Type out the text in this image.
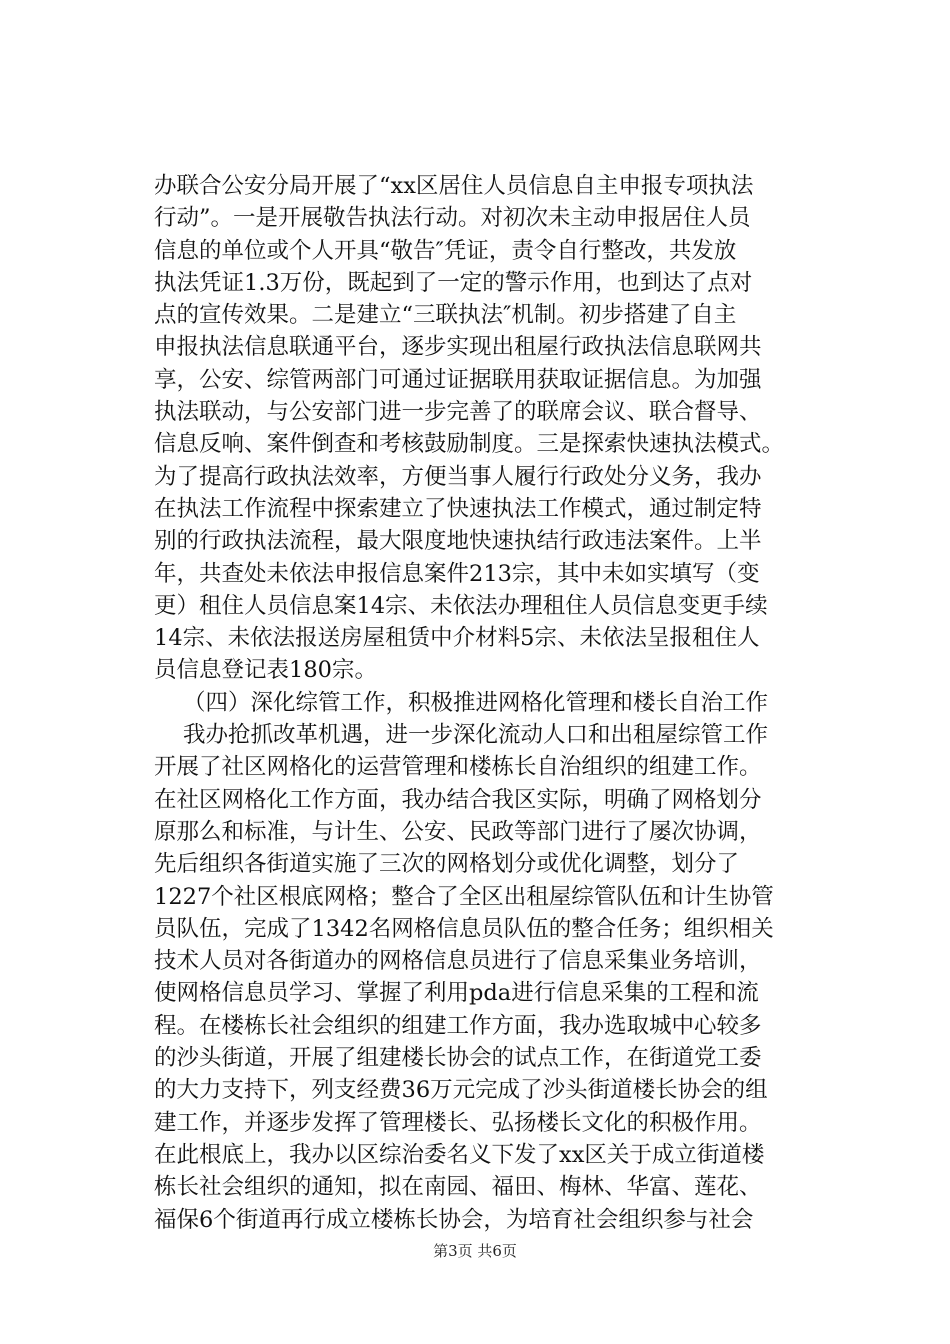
办联合公安分局开展了“xx区居住人员信息自主申报专项执法
行动”。一是开展敬告执法行动。对初次未主动申报居住人员
信息的单位或个人开具“敬告″凭证，责令自行整改，共发放
执法凭证1.3万份，既起到了一定的警示作用，也到达了点对
点的宣传效果。二是建立“三联执法″机制。初步搭建了自主
申报执法信息联通平台，逐步实现出租屋行政执法信息联网共
享，公安、综管两部门可通过证据联用获取证据信息。为加强
执法联动，与公安部门进一步完善了的联席会议、联合督导、
信息反响、案件倒查和考核鼓励制度。三是探索快速执法模式。
为了提高行政执法效率，方便当事人履行行政处分义务，我办
在执法工作流程中探索建立了快速执法工作模式，通过制定特
别的行政执法流程，最大限度地快速执结行政违法案件。上半
年，共查处未依法申报信息案件213宗，其中未如实填写（变
更）租住人员信息案14宗、未依法办理租住人员信息变更手续
14宗、未依法报送房屋租赁中介材料5宗、未依法呈报租住人
员信息登记表180宗。
（四）深化综管工作，积极推进网格化管理和楼长自治工作
我办抢抓改革机遇，进一步深化流动人口和出租屋综管工作
开展了社区网格化的运营管理和楼栋长自治组织的组建工作。
在社区网格化工作方面，我办结合我区实际，明确了网格划分
原那么和标准，与计生、公安、民政等部门进行了屡次协调，
先后组织各街道实施了三次的网格划分或优化调整，划分了
1227个社区根底网格；整合了全区出租屋综管队伍和计生协管
员队伍，完成了1342名网格信息员队伍的整合任务；组织相关
技术人员对各街道办的网格信息员进行了信息采集业务培训，
使网格信息员学习、掌握了利用pda进行信息采集的工程和流
程。在楼栋长社会组织的组建工作方面，我办选取城中心较多
的沙头街道，开展了组建楼长协会的试点工作，在街道党工委
的大力支持下，列支经费36万元完成了沙头街道楼长协会的组
建工作，并逐步发挥了管理楼长、弘扬楼长文化的积极作用。
在此根底上，我办以区综治委名义下发了xx区关于成立街道楼
栋长社会组织的通知，拟在南园、福田、梅林、华富、莲花、
福保6个街道再行成立楼栋长协会，为培育社会组织参与社会
第3页 共6页
